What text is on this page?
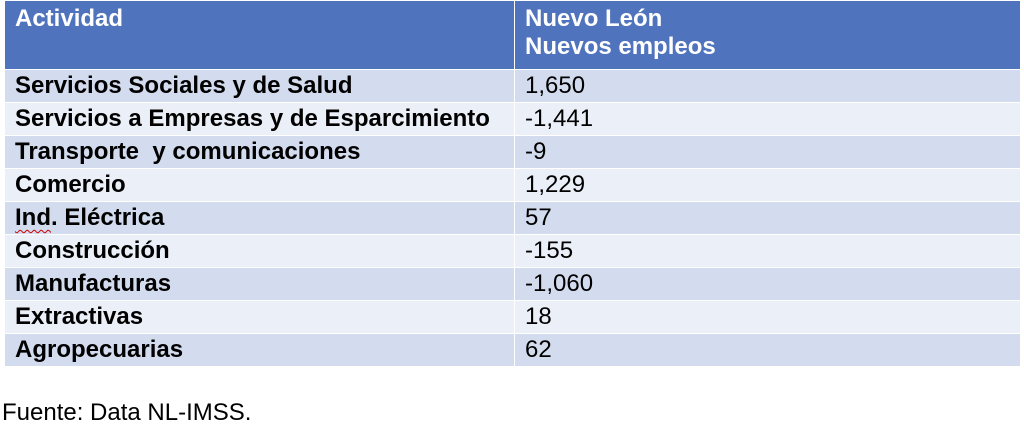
Actividad	Nuevo León
Nuevos empleos

Servicios Sociales y de Salud	1,650
Servicios a Empresas y de Esparcimiento	-1,441
Transporte  y comunicaciones	-9
Comercio	1,229
Ind. Eléctrica	57
Construcción	-155
Manufacturas	-1,060
Extractivas	18
Agropecuarias	62
Fuente: Data NL-IMSS.
